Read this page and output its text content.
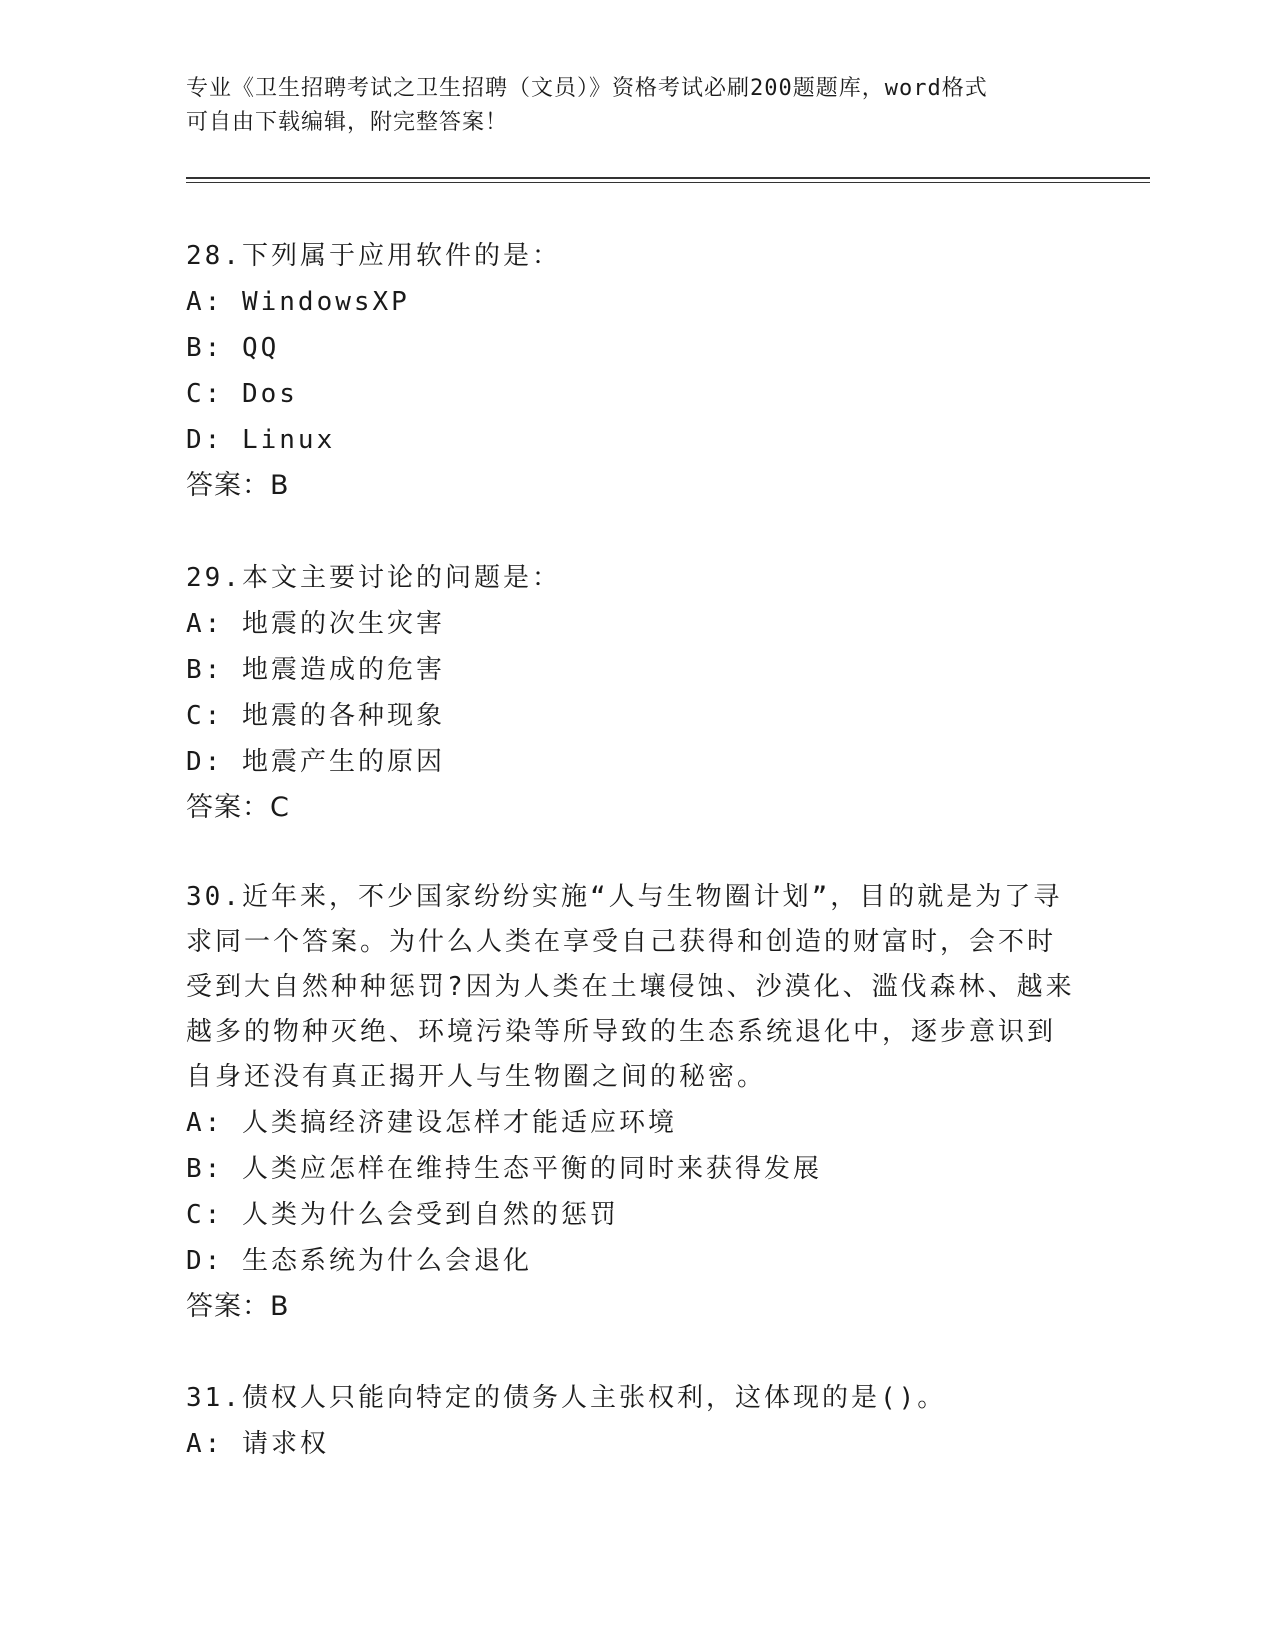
专业《卫生招聘考试之卫生招聘（文员）》资格考试必刷200题题库，word格式
可自由下载编辑，附完整答案！
28.下列属于应用软件的是：
A: WindowsXP
B: QQ
C: Dos
D: Linux
答案：B
29.本文主要讨论的问题是：
A: 地震的次生灾害
B: 地震造成的危害
C: 地震的各种现象
D: 地震产生的原因
答案：C
30.近年来，不少国家纷纷实施“人与生物圈计划”，目的就是为了寻
求同一个答案。为什么人类在享受自己获得和创造的财富时，会不时
受到大自然种种惩罚?因为人类在土壤侵蚀、沙漠化、滥伐森林、越来
越多的物种灭绝、环境污染等所导致的生态系统退化中，逐步意识到
自身还没有真正揭开人与生物圈之间的秘密。
A: 人类搞经济建设怎样才能适应环境
B: 人类应怎样在维持生态平衡的同时来获得发展
C: 人类为什么会受到自然的惩罚
D: 生态系统为什么会退化
答案：B
31.债权人只能向特定的债务人主张权利，这体现的是()。
A: 请求权
